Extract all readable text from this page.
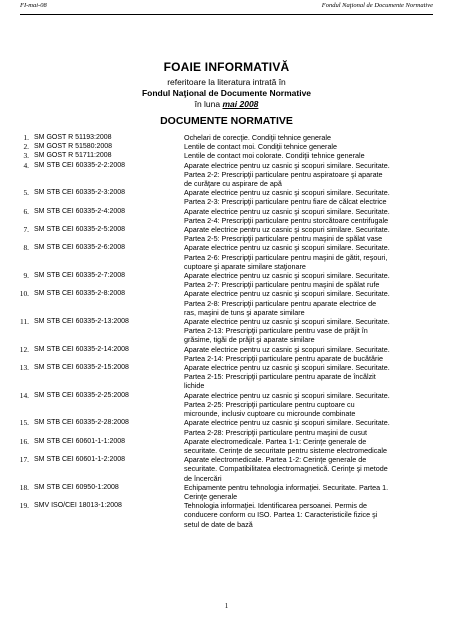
FI-mai-08	Fondul Naţional de Documente Normative
FOAIE INFORMATIVĂ
referitoare la literatura intrată în
Fondul Naţional de Documente Normative
în luna mai 2008
DOCUMENTE NORMATIVE
1. SM GOST R 51193:2008	Ochelari de corecţie. Condiţii tehnice generale
2. SM GOST R 51580:2008	Lentile de contact moi. Condiţii tehnice generale
3. SM GOST R 51711:2008	Lentile de contact moi colorate. Condiţii tehnice generale
4. SM STB CEI 60335-2-2:2008	Aparate electrice pentru uz casnic şi scopuri similare. Securitate.
Partea 2-2: Prescripţii particulare pentru aspiratoare şi aparate
de curăţare cu aspirare de apă
5. SM STB CEI 60335-2-3:2008	Aparate electrice pentru uz casnic şi scopuri similare. Securitate.
Partea 2-3: Prescripţii particulare pentru fiare de călcat electrice
6. SM STB CEI 60335-2-4:2008	Aparate electrice pentru uz casnic şi scopuri similare. Securitate.
Partea 2-4: Prescripţii particulare pentru storcătoare centrifugale
7. SM STB CEI 60335-2-5:2008	Aparate electrice pentru uz casnic şi scopuri similare. Securitate.
Partea 2-5: Prescripţii particulare pentru maşini de spălat vase
8. SM STB CEI 60335-2-6:2008	Aparate electrice pentru uz casnic şi scopuri similare. Securitate.
Partea 2-6: Prescripţii particulare pentru maşini de gătit, reşouri,
cuptoare şi aparate similare staţionare
9. SM STB CEI 60335-2-7:2008	Aparate electrice pentru uz casnic şi scopuri similare. Securitate.
Partea 2-7: Prescripţii particulare pentru maşini de spălat rufe
10. SM STB CEI 60335-2-8:2008	Aparate electrice pentru uz casnic şi scopuri similare. Securitate.
Partea 2-8: Prescripţii particulare pentru aparate electrice de
ras, maşini de tuns şi aparate similare
11. SM STB CEI 60335-2-13:2008	Aparate electrice pentru uz casnic şi scopuri similare. Securitate.
Partea 2-13: Prescripţii particulare pentru vase de prăjit în
grăsime, tigăi de prăjit şi aparate similare
12. SM STB CEI 60335-2-14:2008	Aparate electrice pentru uz casnic şi scopuri similare. Securitate.
Partea 2-14: Prescripţii particulare pentru aparate de bucătărie
13. SM STB CEI 60335-2-15:2008	Aparate electrice pentru uz casnic şi scopuri similare. Securitate.
Partea 2-15: Prescripţii particulare pentru aparate de încălzit
lichide
14. SM STB CEI 60335-2-25:2008	Aparate electrice pentru uz casnic şi scopuri similare. Securitate.
Partea 2-25: Prescripţii particulare pentru cuptoare cu
microunde, inclusiv cuptoare cu microunde combinate
15. SM STB CEI 60335-2-28:2008	Aparate electrice pentru uz casnic şi scopuri similare. Securitate.
Partea 2-28: Prescripţii particulare pentru maşini de cusut
16. SM STB CEI 60601-1-1:2008	Aparate electromedicale. Partea 1-1: Cerinţe generale de
securitate. Cerinţe de securitate pentru sisteme electromedicale
17. SM STB CEI 60601-1-2:2008	Aparate electromedicale. Partea 1-2: Cerinţe generale de
securitate. Compatibilitatea electromagnetică. Cerinţe şi metode
de încercări
18. SM STB CEI 60950-1:2008	Echipamente pentru tehnologia informaţiei. Securitate. Partea 1.
Cerinţe generale
19. SMV ISO/CEI 18013-1:2008	Tehnologia informaţiei. Identificarea persoanei. Permis de
conducere conform cu ISO. Partea 1: Caracteristicile fizice şi
setul de date de bază
1
